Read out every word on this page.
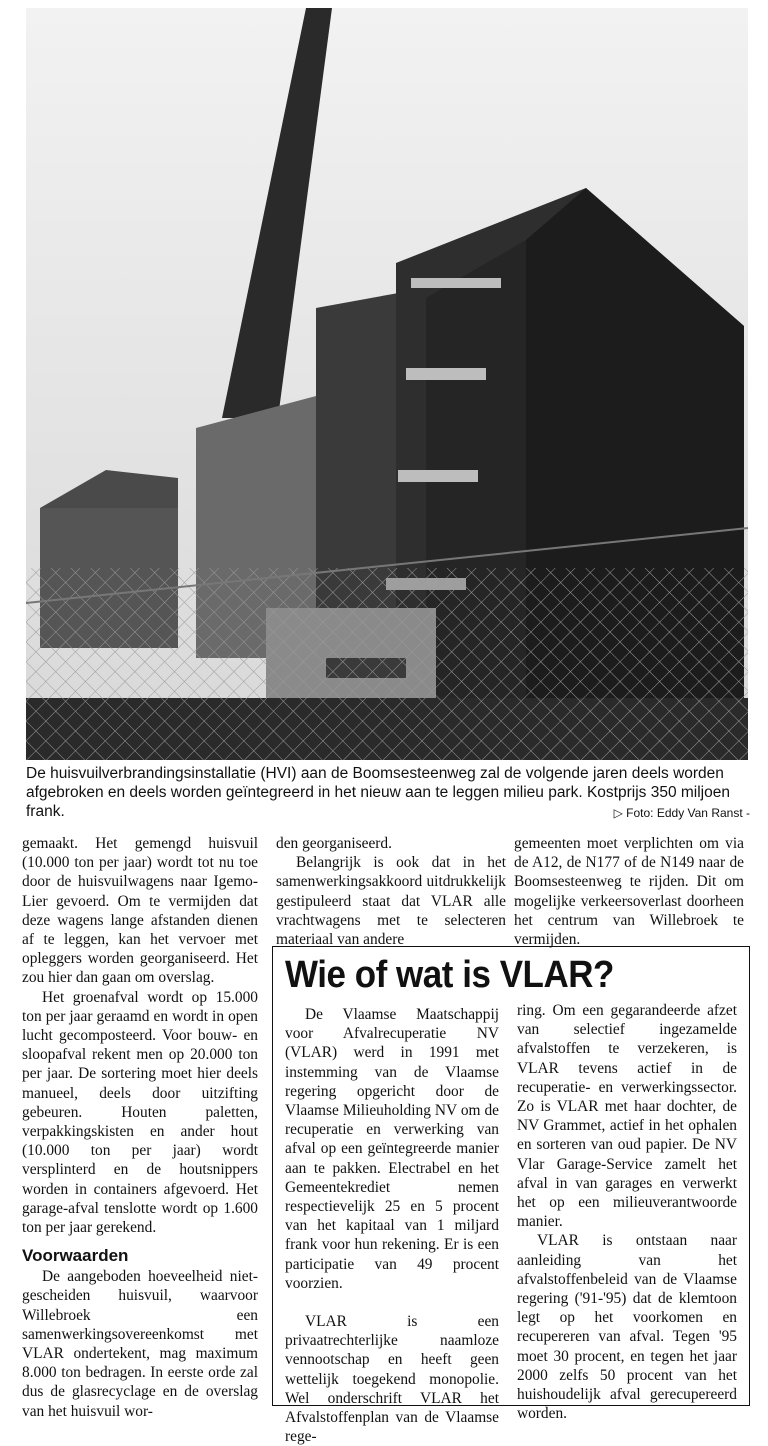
De huisvuilverbrandingsinstallatie (HVI) aan de Boomsesteenweg zal de volgende jaren deels worden afgebroken en deels worden geïntegreerd in het nieuw aan te leggen milieu park. Kostprijs 350 miljoen frank.	▷ Foto: Eddy Van Ranst -

gemaakt. Het gemengd huisvuil (10.000 ton per jaar) wordt tot nu toe door de huisvuilwagens naar Igemo-Lier gevoerd. Om te vermijden dat deze wagens lange afstanden dienen af te leggen, kan het vervoer met opleggers worden georganiseerd. Het zou hier dan gaan om overslag.

Het groenafval wordt op 15.000 ton per jaar geraamd en wordt in open lucht gecomposteerd. Voor bouw- en sloopafval rekent men op 20.000 ton per jaar. De sortering moet hier deels manueel, deels door uitzifting gebeuren. Houten paletten, verpakkingskisten en ander hout (10.000 ton per jaar) wordt versplinterd en de houtsnippers worden in containers afgevoerd. Het garage-afval tenslotte wordt op 1.600 ton per jaar gerekend.

Voorwaarden

De aangeboden hoeveelheid niet-gescheiden huisvuil, waarvoor Willebroek een samenwerkingsovereenkomst met VLAR ondertekent, mag maximum 8.000 ton bedragen. In eerste orde zal dus de glasrecyclage en de overslag van het huisvuil wor-

den georganiseerd.

Belangrijk is ook dat in het samenwerkingsakkoord uitdrukkelijk gestipuleerd staat dat VLAR alle vrachtwagens met te selecteren materiaal van andere

gemeenten moet verplichten om via de A12, de N177 of de N149 naar de Boomsesteenweg te rijden. Dit om mogelijke verkeersoverlast doorheen het centrum van Willebroek te vermijden.

Wie of wat is VLAR?

De Vlaamse Maatschappij voor Afvalrecuperatie NV (VLAR) werd in 1991 met instemming van de Vlaamse regering opgericht door de Vlaamse Milieuholding NV om de recuperatie en verwerking van afval op een geïntegreerde manier aan te pakken. Electrabel en het Gemeentekrediet nemen respectievelijk 25 en 5 procent van het kapitaal van 1 miljard frank voor hun rekening. Er is een participatie van 49 procent voorzien.

VLAR is een privaatrechterlijke naamloze vennootschap en heeft geen wettelijk toegekend monopolie. Wel onderschrift VLAR het Afvalstoffenplan van de Vlaamse rege-

ring. Om een gegarandeerde afzet van selectief ingezamelde afvalstoffen te verzekeren, is VLAR tevens actief in de recuperatie- en verwerkingssector. Zo is VLAR met haar dochter, de NV Grammet, actief in het ophalen en sorteren van oud papier. De NV Vlar Garage-Service zamelt het afval in van garages en verwerkt het op een milieuverantwoorde manier.

VLAR is ontstaan naar aanleiding van het afvalstoffenbeleid van de Vlaamse regering ('91-'95) dat de klemtoon legt op het voorkomen en recupereren van afval. Tegen '95 moet 30 procent, en tegen het jaar 2000 zelfs 50 procent van het huishoudelijk afval gerecupereerd worden.
